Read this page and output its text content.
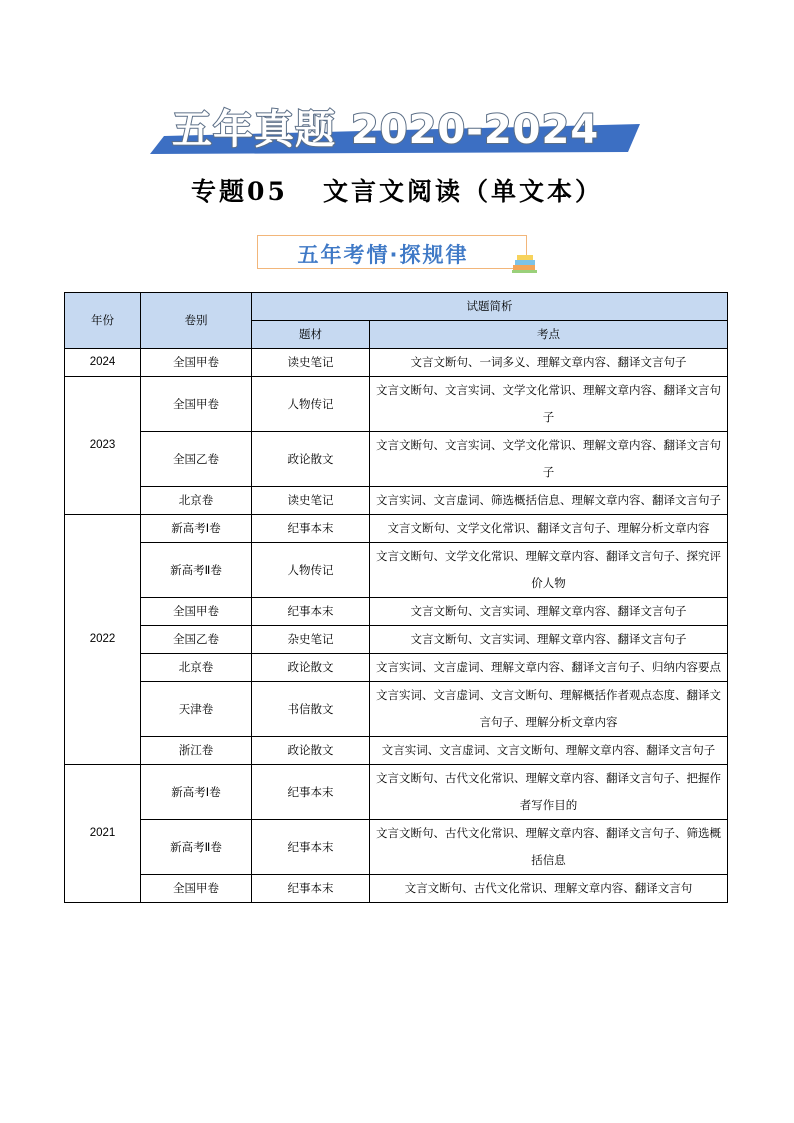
五年真题 2020-2024
专题05   文言文阅读（单文本）
五年考情·探规律
年份	卷别	试题简析	
		题材	考点
2024	全国甲卷	读史笔记	文言文断句、一词多义、理解文章内容、翻译文言句子
2023	全国甲卷	人物传记	文言文断句、文言实词、文学文化常识、理解文章内容、翻译文言句子
	全国乙卷	政论散文	文言文断句、文言实词、文学文化常识、理解文章内容、翻译文言句子
	北京卷	读史笔记	文言实词、文言虚词、筛选概括信息、理解文章内容、翻译文言句子
2022	新高考Ⅰ卷	纪事本末	文言文断句、文学文化常识、翻译文言句子、理解分析文章内容
	新高考Ⅱ卷	人物传记	文言文断句、文学文化常识、理解文章内容、翻译文言句子、探究评价人物
	全国甲卷	纪事本末	文言文断句、文言实词、理解文章内容、翻译文言句子
	全国乙卷	杂史笔记	文言文断句、文言实词、理解文章内容、翻译文言句子
	北京卷	政论散文	文言实词、文言虚词、理解文章内容、翻译文言句子、归纳内容要点
	天津卷	书信散文	文言实词、文言虚词、文言文断句、理解概括作者观点态度、翻译文言句子、理解分析文章内容
	浙江卷	政论散文	文言实词、文言虚词、文言文断句、理解文章内容、翻译文言句子
2021	新高考Ⅰ卷	纪事本末	文言文断句、古代文化常识、理解文章内容、翻译文言句子、把握作者写作目的
	新高考Ⅱ卷	纪事本末	文言文断句、古代文化常识、理解文章内容、翻译文言句子、筛选概括信息
	全国甲卷	纪事本末	文言文断句、古代文化常识、理解文章内容、翻译文言句
